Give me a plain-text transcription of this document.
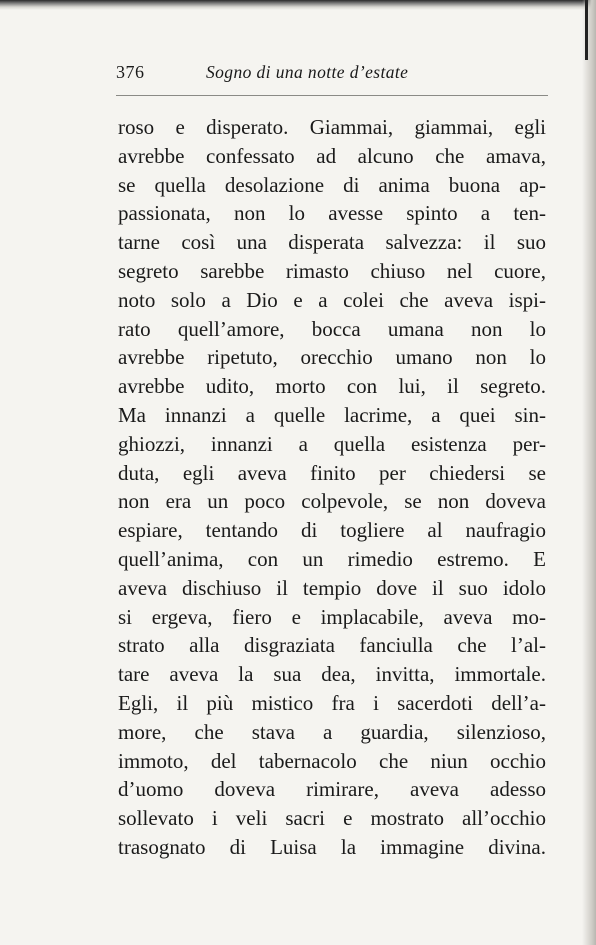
376	Sogno di una notte d’estate
roso e disperato. Giammai, giammai, egli
avrebbe confessato ad alcuno che amava,
se quella desolazione di anima buona ap-
passionata, non lo avesse spinto a ten-
tarne così una disperata salvezza: il suo
segreto sarebbe rimasto chiuso nel cuore,
noto solo a Dio e a colei che aveva ispi-
rato quell’amore, bocca umana non lo
avrebbe ripetuto, orecchio umano non lo
avrebbe udito, morto con lui, il segreto.
Ma innanzi a quelle lacrime, a quei sin-
ghiozzi, innanzi a quella esistenza per-
duta, egli aveva finito per chiedersi se
non era un poco colpevole, se non doveva
espiare, tentando di togliere al naufragio
quell’anima, con un rimedio estremo. E
aveva dischiuso il tempio dove il suo idolo
si ergeva, fiero e implacabile, aveva mo-
strato alla disgraziata fanciulla che l’al-
tare aveva la sua dea, invitta, immortale.
Egli, il più mistico fra i sacerdoti dell’a-
more, che stava a guardia, silenzioso,
immoto, del tabernacolo che niun occhio
d’uomo doveva rimirare, aveva adesso
sollevato i veli sacri e mostrato all’occhio
trasognato di Luisa la immagine divina.
